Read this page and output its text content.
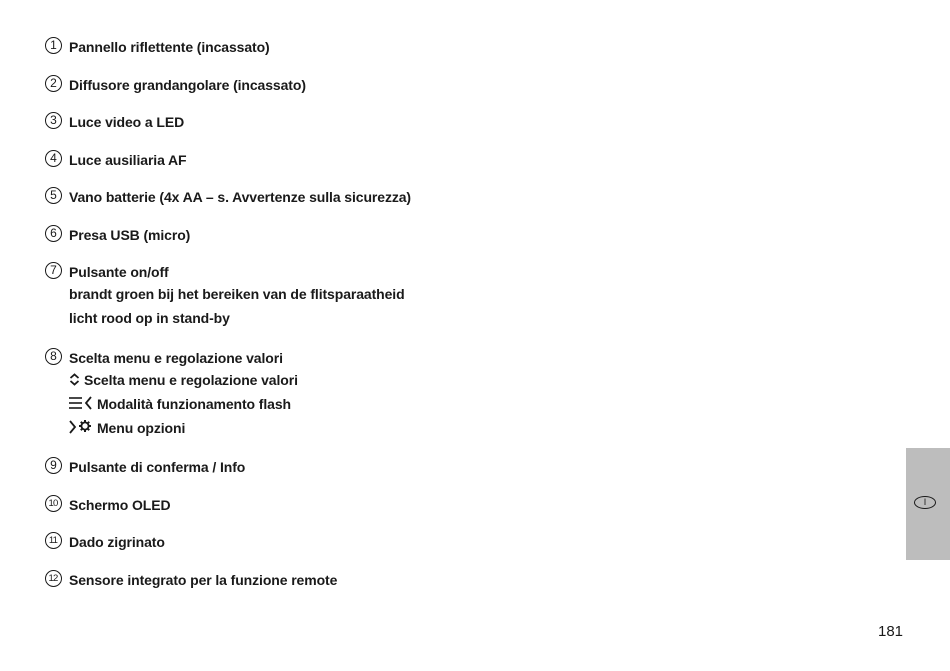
1 Pannello riflettente (incassato)
2 Diffusore grandangolare (incassato)
3 Luce video a LED
4 Luce ausiliaria AF
5 Vano batterie (4x AA – s. Avvertenze sulla sicurezza)
6 Presa USB (micro)
7 Pulsante on/off
brandt groen bij het bereiken van de flitsparaatheid
licht rood op in stand-by
8 Scelta menu e regolazione valori
Scelta menu e regolazione valori
Modalità funzionamento flash
Menu opzioni
9 Pulsante di conferma / Info
10 Schermo OLED
11 Dado zigrinato
12 Sensore integrato per la funzione remote
I
181
